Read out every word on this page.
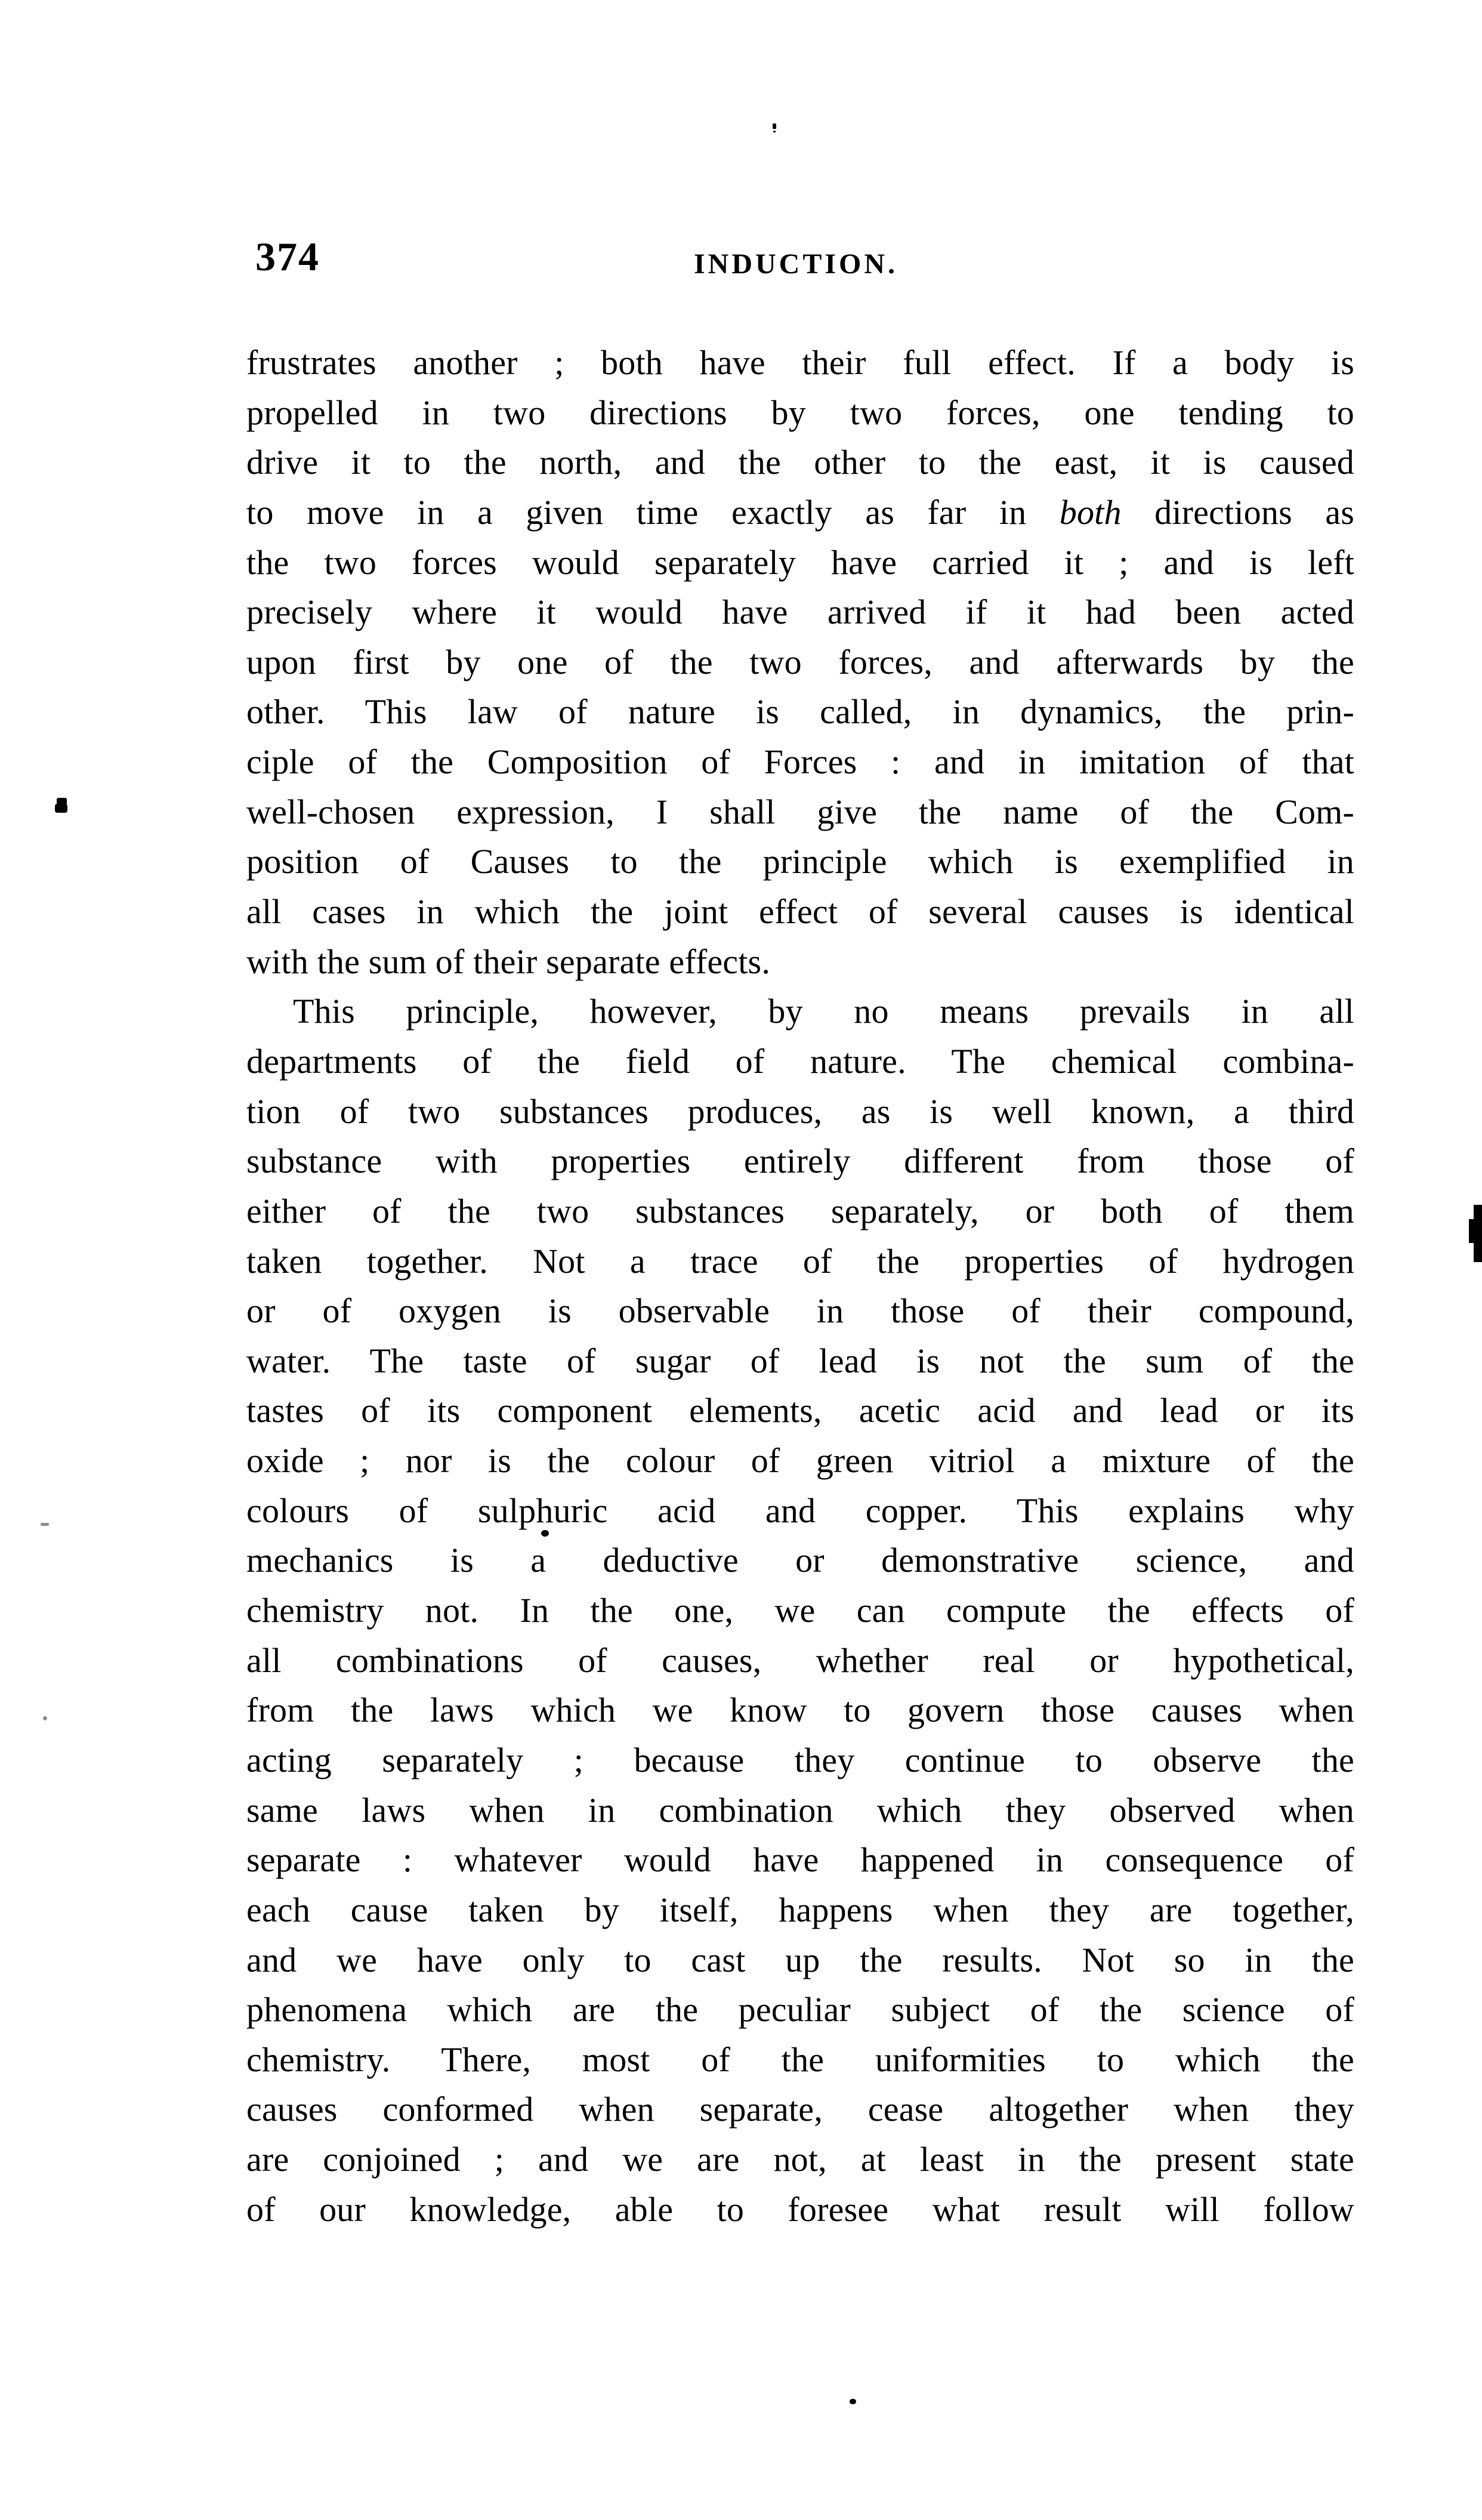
374	INDUCTION.
frustrates another ; both have their full effect. If a body is
propelled in two directions by two forces, one tending to
drive it to the north, and the other to the east, it is caused
to move in a given time exactly as far in both directions as
the two forces would separately have carried it ; and is left
precisely where it would have arrived if it had been acted
upon first by one of the two forces, and afterwards by the
other. This law of nature is called, in dynamics, the prin-
ciple of the Composition of Forces : and in imitation of that
well-chosen expression, I shall give the name of the Com-
position of Causes to the principle which is exemplified in
all cases in which the joint effect of several causes is identical
with the sum of their separate effects.
This principle, however, by no means prevails in all
departments of the field of nature. The chemical combina-
tion of two substances produces, as is well known, a third
substance with properties entirely different from those of
either of the two substances separately, or both of them
taken together. Not a trace of the properties of hydrogen
or of oxygen is observable in those of their compound,
water. The taste of sugar of lead is not the sum of the
tastes of its component elements, acetic acid and lead or its
oxide ; nor is the colour of green vitriol a mixture of the
colours of sulphuric acid and copper. This explains why
mechanics is a deductive or demonstrative science, and
chemistry not. In the one, we can compute the effects of
all combinations of causes, whether real or hypothetical,
from the laws which we know to govern those causes when
acting separately ; because they continue to observe the
same laws when in combination which they observed when
separate : whatever would have happened in consequence of
each cause taken by itself, happens when they are together,
and we have only to cast up the results. Not so in the
phenomena which are the peculiar subject of the science of
chemistry. There, most of the uniformities to which the
causes conformed when separate, cease altogether when they
are conjoined ; and we are not, at least in the present state
of our knowledge, able to foresee what result will follow
